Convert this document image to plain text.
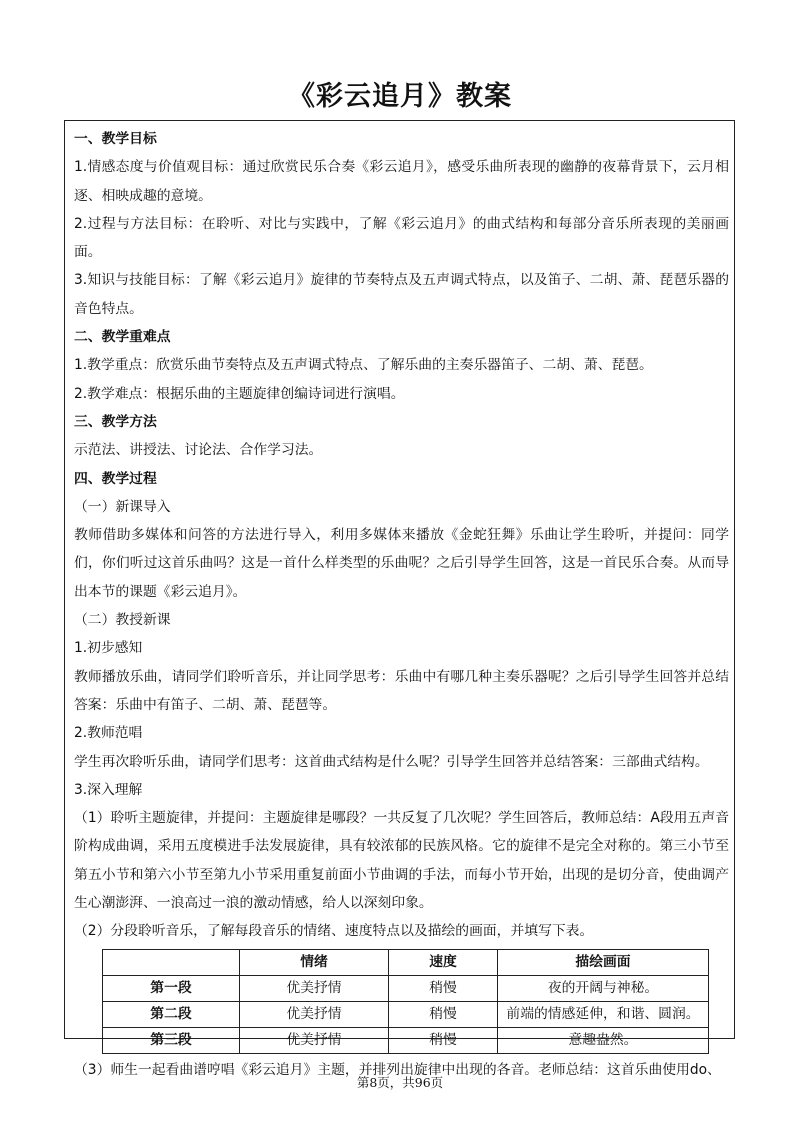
《彩云追月》教案

一、教学目标

1.情感态度与价值观目标：通过欣赏民乐合奏《彩云追月》，感受乐曲所表现的幽静的夜幕背景下，云月相逐、相映成趣的意境。

2.过程与方法目标：在聆听、对比与实践中，了解《彩云追月》的曲式结构和每部分音乐所表现的美丽画面。

3.知识与技能目标：了解《彩云追月》旋律的节奏特点及五声调式特点，以及笛子、二胡、萧、琵琶乐器的音色特点。

二、教学重难点

1.教学重点：欣赏乐曲节奏特点及五声调式特点、了解乐曲的主奏乐器笛子、二胡、萧、琵琶。

2.教学难点：根据乐曲的主题旋律创编诗词进行演唱。

三、教学方法

示范法、讲授法、讨论法、合作学习法。

四、教学过程

（一）新课导入

教师借助多媒体和问答的方法进行导入，利用多媒体来播放《金蛇狂舞》乐曲让学生聆听，并提问：同学们，你们听过这首乐曲吗？这是一首什么样类型的乐曲呢？之后引导学生回答，这是一首民乐合奏。从而导出本节的课题《彩云追月》。

（二）教授新课

1.初步感知

教师播放乐曲，请同学们聆听音乐，并让同学思考：乐曲中有哪几种主奏乐器呢？之后引导学生回答并总结答案：乐曲中有笛子、二胡、萧、琵琶等。

2.教师范唱

学生再次聆听乐曲，请同学们思考：这首曲式结构是什么呢？引导学生回答并总结答案：三部曲式结构。

3.深入理解

（1）聆听主题旋律，并提问：主题旋律是哪段？一共反复了几次呢？学生回答后，教师总结：A段用五声音阶构成曲调，采用五度模进手法发展旋律，具有较浓郁的民族风格。它的旋律不是完全对称的。第三小节至第五小节和第六小节至第九小节采用重复前面小节曲调的手法，而每小节开始，出现的是切分音，使曲调产生心潮澎湃、一浪高过一浪的激动情感，给人以深刻印象。

（2）分段聆听音乐，了解每段音乐的情绪、速度特点以及描绘的画面，并填写下表。

	情绪	速度	描绘画面
第一段	优美抒情	稍慢	夜的开阔与神秘。
第二段	优美抒情	稍慢	前端的情感延伸，和谐、圆润。
第三段	优美抒情	稍慢	意趣盎然。

（3）师生一起看曲谱哼唱《彩云追月》主题，并排列出旋律中出现的各音。老师总结：这首乐曲使用do、

第8页，共96页
